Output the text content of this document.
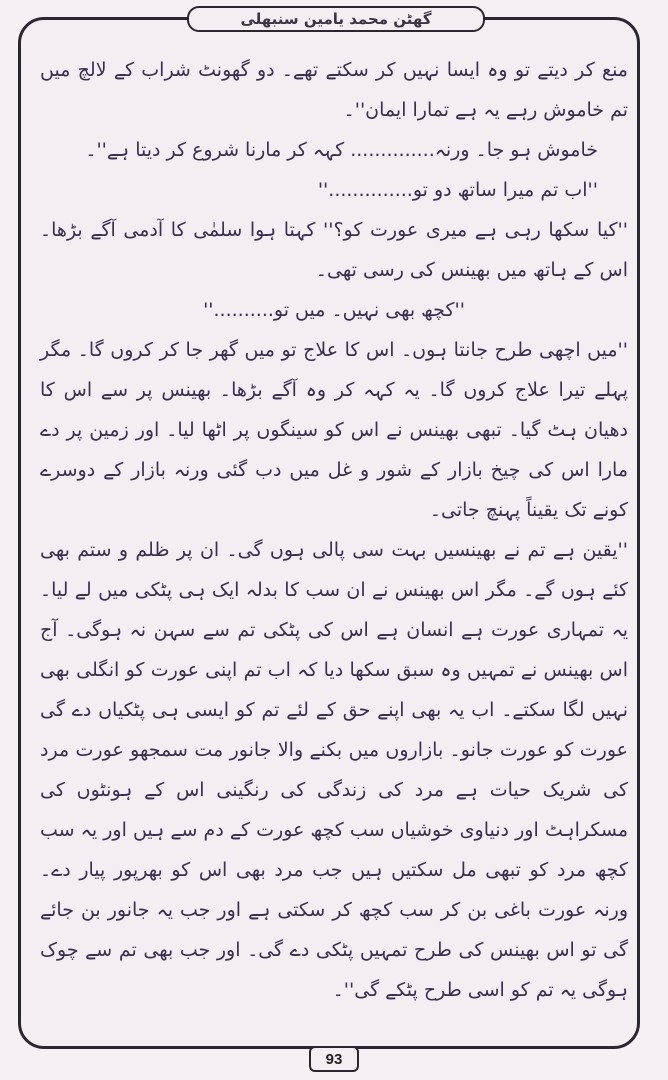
گھٹن محمد یامین سنبھلی

منع کر دیتے تو وہ ایسا نہیں کر سکتے تھے۔ دو گھونٹ شراب کے لالچ میں تم خاموش رہے یہ ہے تمارا ایمان''۔

خاموش ہو جا۔ ورنہ.............. کہہ کر مارنا شروع کر دیتا ہے''۔

''اب تم میرا ساتھ دو تو..............''

''کیا سکھا رہی ہے میری عورت کو؟'' کہتا ہوا سلمٰی کا آدمی آگے بڑھا۔ اس کے ہاتھ میں بھینس کی رسی تھی۔

''کچھ بھی نہیں۔ میں تو..........''

''میں اچھی طرح جانتا ہوں۔ اس کا علاج تو میں گھر جا کر کروں گا۔ مگر پہلے تیرا علاج کروں گا۔ یہ کہہ کر وہ آگے بڑھا۔ بھینس پر سے اس کا دھیان ہٹ گیا۔ تبھی بھینس نے اس کو سینگوں پر اٹھا لیا۔ اور زمین پر دے مارا اس کی چیخ بازار کے شور و غل میں دب گئی ورنہ بازار کے دوسرے کونے تک یقیناً پہنچ جاتی۔

''یقین ہے تم نے بھینسیں بہت سی پالی ہوں گی۔ ان پر ظلم و ستم بھی کئے ہوں گے۔ مگر اس بھینس نے ان سب کا بدلہ ایک ہی پٹکی میں لے لیا۔ یہ تمہاری عورت ہے انسان ہے اس کی پٹکی تم سے سہن نہ ہوگی۔ آج اس بھینس نے تمہیں وہ سبق سکھا دیا کہ اب تم اپنی عورت کو انگلی بھی نہیں لگا سکتے۔ اب یہ بھی اپنے حق کے لئے تم کو ایسی ہی پٹکیاں دے گی عورت کو عورت جانو۔ بازاروں میں بکنے والا جانور مت سمجھو عورت مرد کی شریک حیات ہے مرد کی زندگی کی رنگینی اس کے ہونٹوں کی مسکراہٹ اور دنیاوی خوشیاں سب کچھ عورت کے دم سے ہیں اور یہ سب کچھ مرد کو تبھی مل سکتیں ہیں جب مرد بھی اس کو بھرپور پیار دے۔ ورنہ عورت باغی بن کر سب کچھ کر سکتی ہے اور جب یہ جانور بن جائے گی تو اس بھینس کی طرح تمہیں پٹکی دے گی۔ اور جب بھی تم سے چوک ہوگی یہ تم کو اسی طرح پٹکے گی''۔

93
